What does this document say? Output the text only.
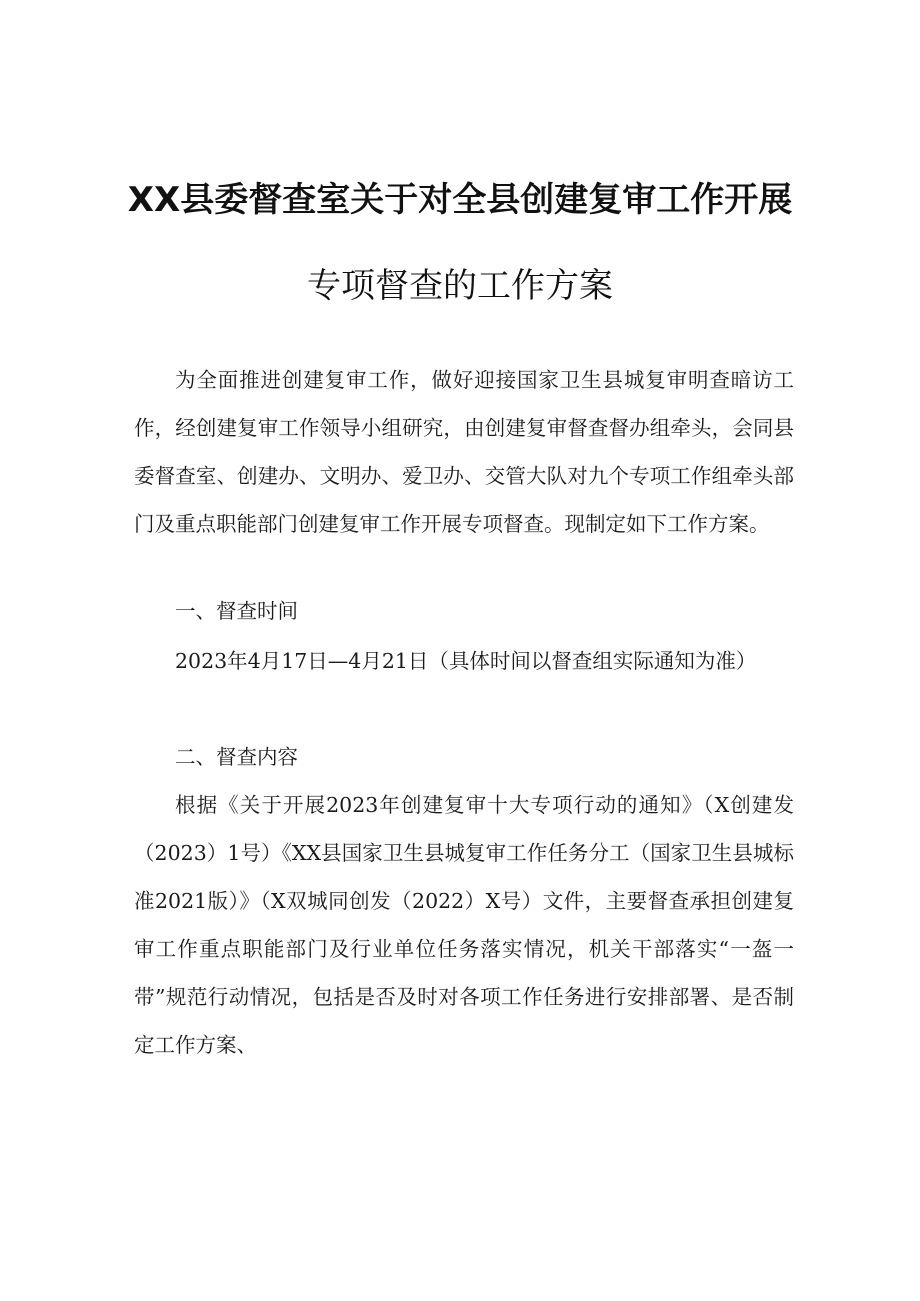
XX县委督查室关于对全县创建复审工作开展
专项督查的工作方案

为全面推进创建复审工作，做好迎接国家卫生县城复审明查暗访工作，经创建复审工作领导小组研究，由创建复审督查督办组牵头，会同县委督查室、创建办、文明办、爱卫办、交管大队对九个专项工作组牵头部门及重点职能部门创建复审工作开展专项督查。现制定如下工作方案。

一、督查时间

2023年4月17日—4月21日（具体时间以督查组实际通知为准）

二、督查内容

根据《关于开展2023年创建复审十大专项行动的通知》（X创建发（2023）1号）《XX县国家卫生县城复审工作任务分工（国家卫生县城标准2021版）》（X双城同创发（2022）X号）文件，主要督查承担创建复审工作重点职能部门及行业单位任务落实情况，机关干部落实“一盔一带”规范行动情况，包括是否及时对各项工作任务进行安排部署、是否制定工作方案、
